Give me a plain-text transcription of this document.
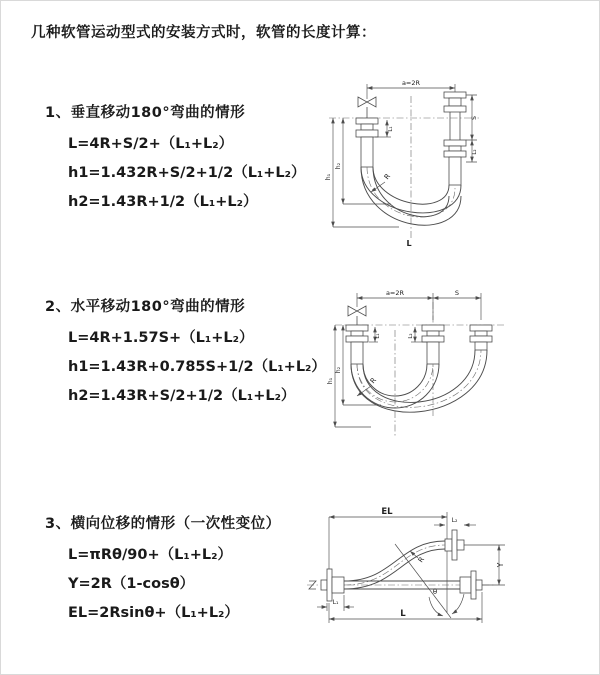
几种软管运动型式的安装方式时，软管的长度计算：
1、垂直移动180°弯曲的情形
L=4R+S/2+（L₁+L₂）
h1=1.432R+S/2+1/2（L₁+L₂）
h2=1.43R+1/2（L₁+L₂）
2、水平移动180°弯曲的情形
L=4R+1.57S+（L₁+L₂）
h1=1.43R+0.785S+1/2（L₁+L₂）
h2=1.43R+S/2+1/2（L₁+L₂）
3、横向位移的情形（一次性变位）
L=πRθ/90+（L₁+L₂）
Y=2R（1-cosθ）
EL=2Rsinθ+（L₁+L₂）
a=2R
h₁
h₂
L₁
S
L₂
R
L
a=2R	S
h₁
h₂
L₁	L₂
R
EL
L₂
Y
θ
R
L₁
L
